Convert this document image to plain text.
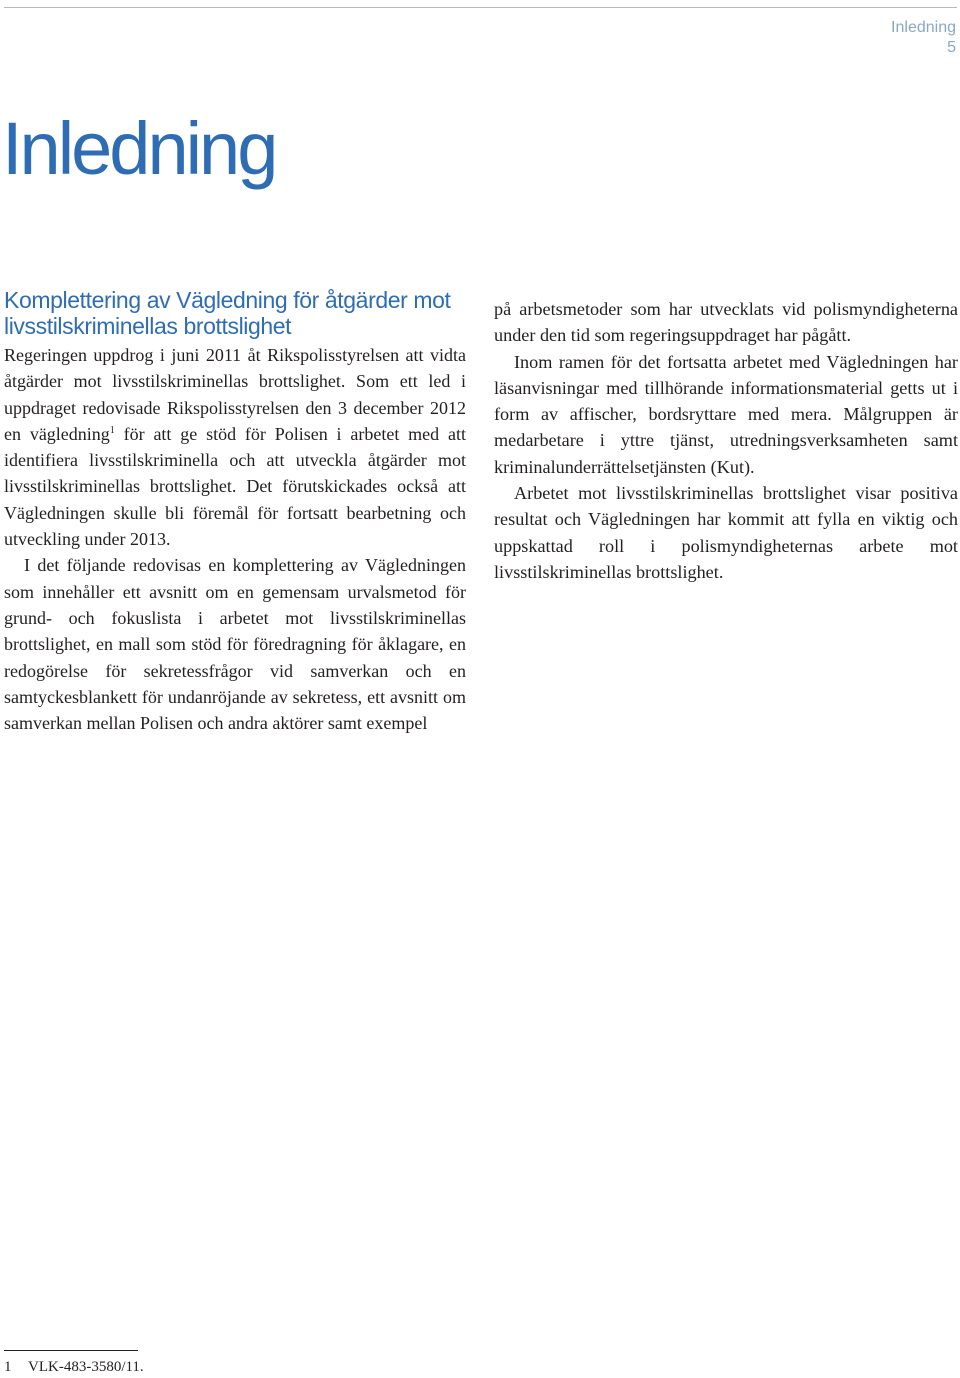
Inledning
5
Inledning
Komplettering av Vägledning för åtgärder mot livsstilskriminellas brottslighet

Regeringen uppdrog i juni 2011 åt Rikspolisstyrelsen att vidta åtgärder mot livsstilskriminellas brottslighet. Som ett led i uppdraget redovisade Rikspolisstyrelsen den 3 december 2012 en vägledning$^1$ för att ge stöd för Polisen i arbetet med att identifiera livsstilskriminella och att utveckla åtgärder mot livsstilskriminellas brottslighet. Det förutskickades också att Vägledningen skulle bli föremål för fortsatt bearbetning och utveckling under 2013.

I det följande redovisas en komplettering av Vägledningen som innehåller ett avsnitt om en gemensam urvalsmetod för grund- och fokuslista i arbetet mot livsstilskriminellas brottslighet, en mall som stöd för föredragning för åklagare, en redogörelse för sekretessfrågor vid samverkan och en samtyckesblankett för undanröjande av sekretess, ett avsnitt om samverkan mellan Polisen och andra aktörer samt exempel

på arbetsmetoder som har utvecklats vid polismyndigheterna under den tid som regeringsuppdraget har pågått.

Inom ramen för det fortsatta arbetet med Vägledningen har läsanvisningar med tillhörande informationsmaterial getts ut i form av affischer, bordsryttare med mera. Målgruppen är medarbetare i yttre tjänst, utredningsverksamheten samt kriminalunderrättelsetjänsten (Kut).

Arbetet mot livsstilskriminellas brottslighet visar positiva resultat och Vägledningen har kommit att fylla en viktig och uppskattad roll i polismyndigheternas arbete mot livsstilskriminellas brottslighet.

1 VLK-483-3580/11.
